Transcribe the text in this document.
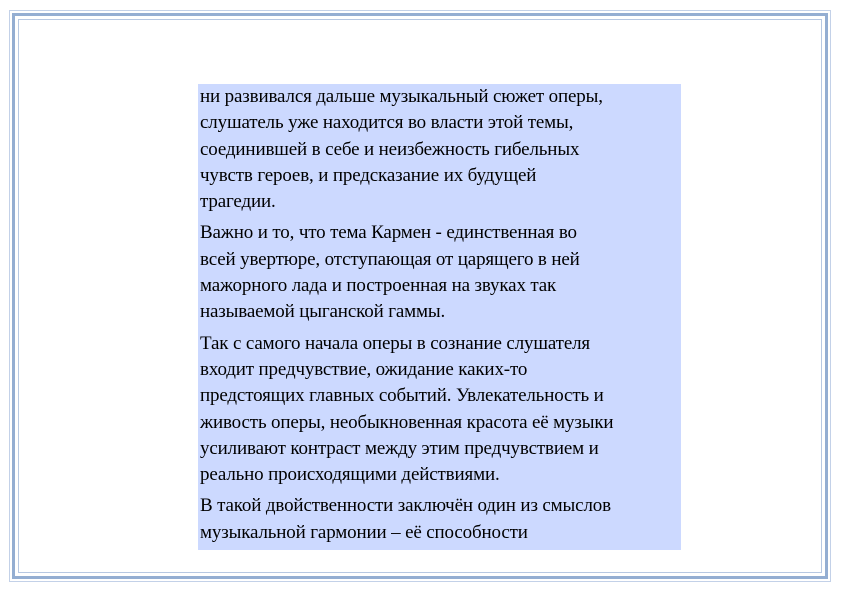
ни развивался дальше музыкальный сюжет оперы,
слушатель уже находится во власти этой темы,
соединившей в себе и неизбежность гибельных
чувств героев, и предсказание их будущей
трагедии.

Важно и то, что тема Кармен - единственная во
всей увертюре, отступающая от царящего в ней
мажорного лада и построенная на звуках так
называемой цыганской гаммы.

Так с самого начала оперы в сознание слушателя
входит предчувствие, ожидание каких-то
предстоящих главных событий. Увлекательность и
живость оперы, необыкновенная красота её музыки
усиливают контраст между этим предчувствием и
реально происходящими действиями.

В такой двойственности заключён один из смыслов
музыкальной гармонии – её способности
